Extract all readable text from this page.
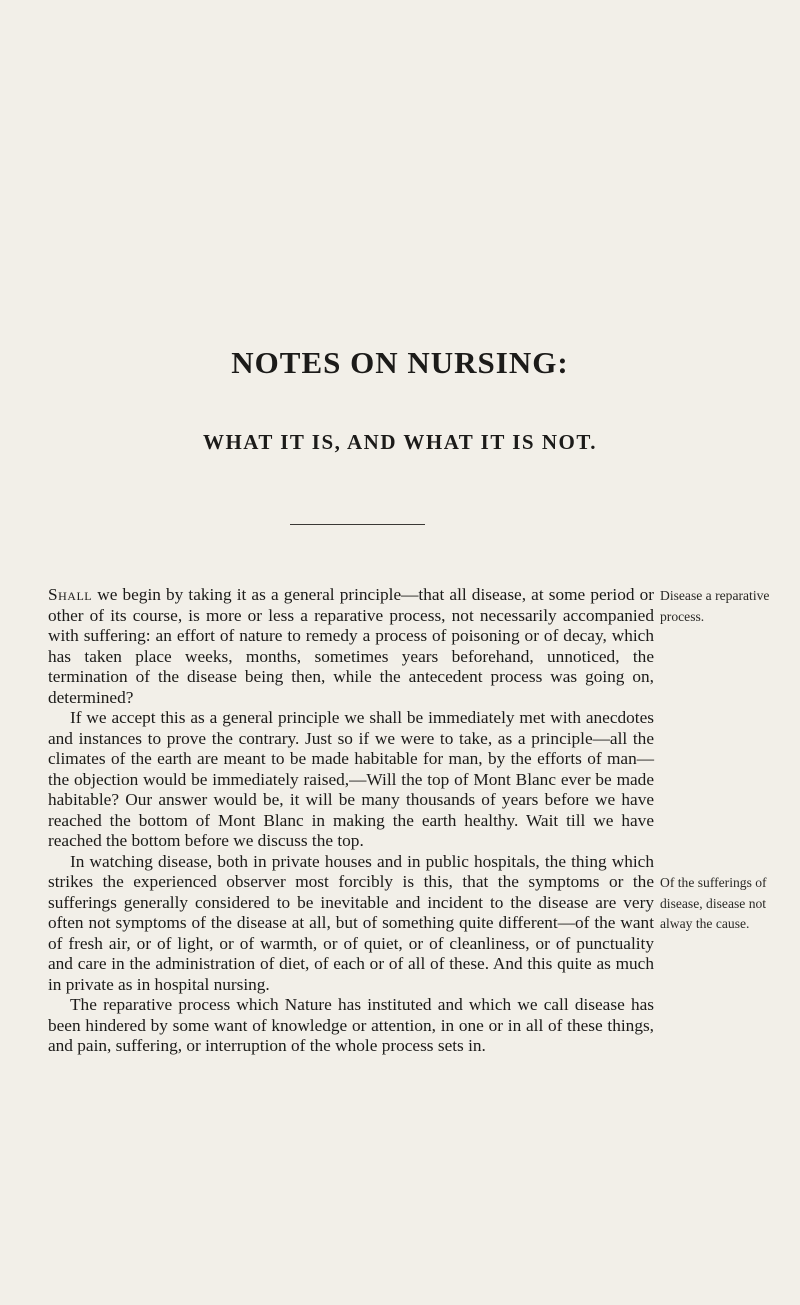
NOTES ON NURSING:
WHAT IT IS, AND WHAT IT IS NOT.

Shall we begin by taking it as a general principle—that all disease, at some period or other of its course, is more or less a reparative process, not necessarily accompanied with suffering: an effort of nature to remedy a process of poisoning or of decay, which has taken place weeks, months, sometimes years beforehand, unnoticed, the termination of the disease being then, while the antecedent process was going on, determined?

If we accept this as a general principle we shall be immediately met with anecdotes and instances to prove the contrary. Just so if we were to take, as a principle—all the climates of the earth are meant to be made habitable for man, by the efforts of man—the objection would be immediately raised,—Will the top of Mont Blanc ever be made habitable? Our answer would be, it will be many thousands of years before we have reached the bottom of Mont Blanc in making the earth healthy. Wait till we have reached the bottom before we discuss the top.

In watching disease, both in private houses and in public hospitals, the thing which strikes the experienced observer most forcibly is this, that the symptoms or the sufferings generally considered to be inevitable and incident to the disease are very often not symptoms of the disease at all, but of something quite different—of the want of fresh air, or of light, or of warmth, or of quiet, or of cleanliness, or of punctuality and care in the administration of diet, of each or of all of these. And this quite as much in private as in hospital nursing.

The reparative process which Nature has instituted and which we call disease has been hindered by some want of knowledge or attention, in one or in all of these things, and pain, suffering, or interruption of the whole process sets in.

Disease a reparative process.
Of the sufferings of disease, disease not alway the cause.
